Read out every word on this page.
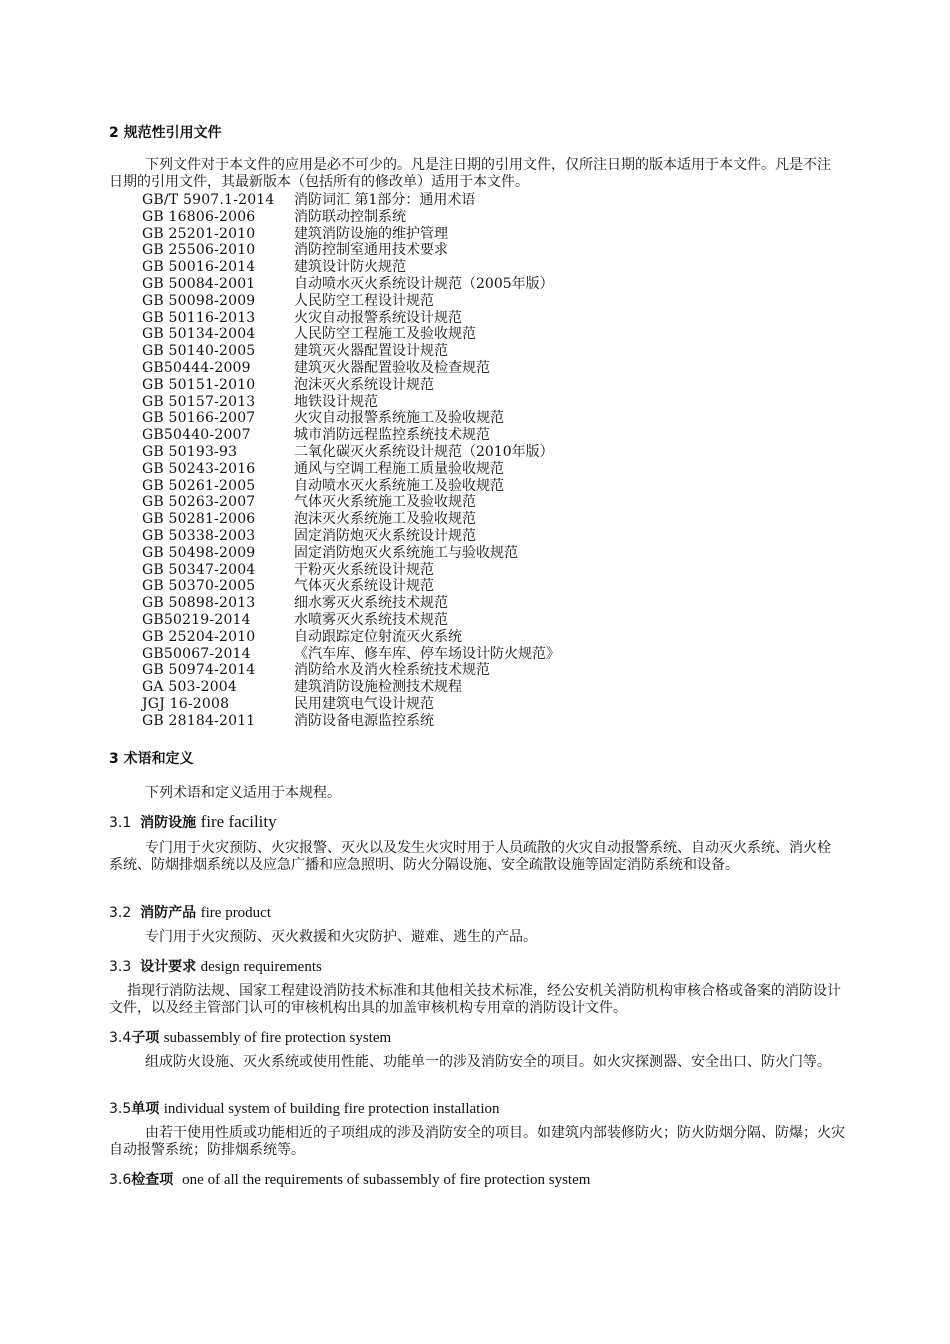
2 规范性引用文件
下列文件对于本文件的应用是必不可少的。凡是注日期的引用文件，仅所注日期的版本适用于本文件。凡是不注日期的引用文件，其最新版本（包括所有的修改单）适用于本文件。
GB/T 5907.1-2014 消防词汇 第1部分：通用术语
GB 16806-2006	消防联动控制系统
GB 25201-2010	建筑消防设施的维护管理
GB 25506-2010	消防控制室通用技术要求
GB 50016-2014	建筑设计防火规范
GB 50084-2001	自动喷水灭火系统设计规范（2005年版）
GB 50098-2009	人民防空工程设计规范
GB 50116-2013	火灾自动报警系统设计规范
GB 50134-2004	人民防空工程施工及验收规范
GB 50140-2005	建筑灭火器配置设计规范
GB50444-2009	建筑灭火器配置验收及检查规范
GB 50151-2010	泡沫灭火系统设计规范
GB 50157-2013	地铁设计规范
GB 50166-2007	火灾自动报警系统施工及验收规范
GB50440-2007	城市消防远程监控系统技术规范
GB 50193-93	二氧化碳灭火系统设计规范（2010年版）
GB 50243-2016	通风与空调工程施工质量验收规范
GB 50261-2005	自动喷水灭火系统施工及验收规范
GB 50263-2007	气体灭火系统施工及验收规范
GB 50281-2006	泡沫灭火系统施工及验收规范
GB 50338-2003	固定消防炮灭火系统设计规范
GB 50498-2009	固定消防炮灭火系统施工与验收规范
GB 50347-2004	干粉灭火系统设计规范
GB 50370-2005	气体灭火系统设计规范
GB 50898-2013	细水雾灭火系统技术规范
GB50219-2014	水喷雾灭火系统技术规范
GB 25204-2010	自动跟踪定位射流灭火系统
GB50067-2014	《汽车库、修车库、停车场设计防火规范》
GB 50974-2014	消防给水及消火栓系统技术规范
GA 503-2004	建筑消防设施检测技术规程
JGJ 16-2008	民用建筑电气设计规范
GB 28184-2011	消防设备电源监控系统
3 术语和定义
下列术语和定义适用于本规程。
3.1 消防设施 fire facility
专门用于火灾预防、火灾报警、灭火以及发生火灾时用于人员疏散的火灾自动报警系统、自动灭火系统、消火栓系统、防烟排烟系统以及应急广播和应急照明、防火分隔设施、安全疏散设施等固定消防系统和设备。
3.2 消防产品 fire product
专门用于火灾预防、灭火救援和火灾防护、避难、逃生的产品。
3.3 设计要求 design requirements
指现行消防法规、国家工程建设消防技术标准和其他相关技术标准，经公安机关消防机构审核合格或备案的消防设计文件，以及经主管部门认可的审核机构出具的加盖审核机构专用章的消防设计文件。
3.4子项 subassembly of fire protection system
组成防火设施、灭火系统或使用性能、功能单一的涉及消防安全的项目。如火灾探测器、安全出口、防火门等。
3.5单项 individual system of building fire protection installation
由若干使用性质或功能相近的子项组成的涉及消防安全的项目。如建筑内部装修防火；防火防烟分隔、防爆；火灾自动报警系统；防排烟系统等。
3.6检查项 one of all the requirements of subassembly of fire protection system
